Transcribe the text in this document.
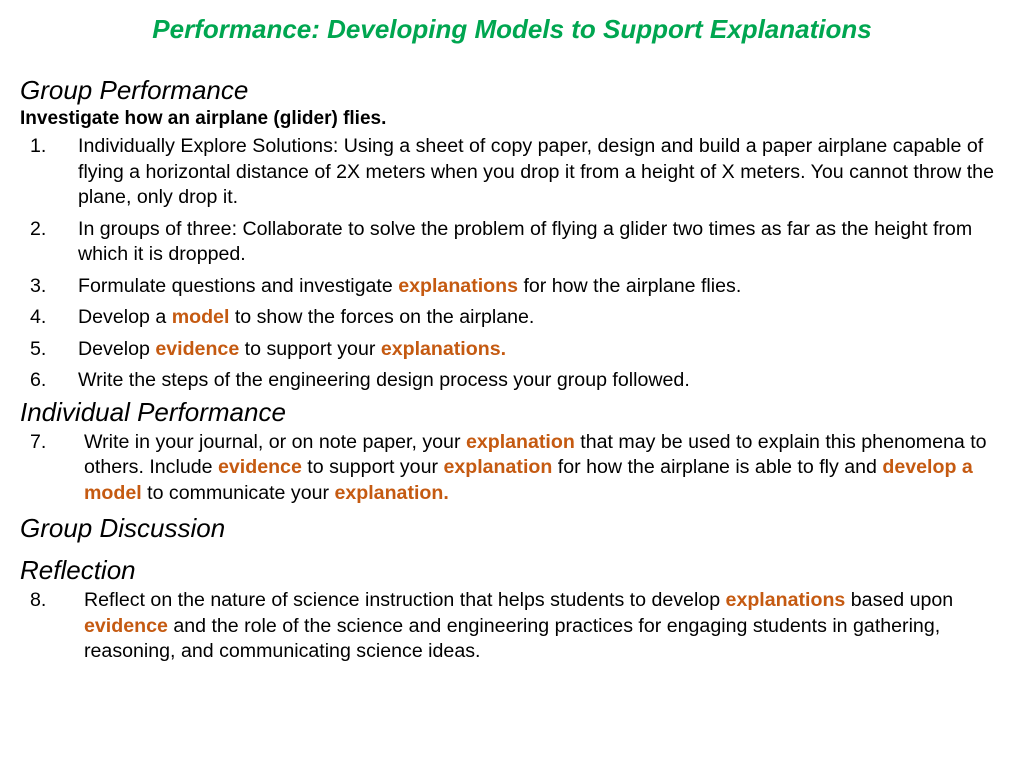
Performance: Developing Models to Support Explanations
Group Performance
Investigate how an airplane (glider) flies.
1. Individually Explore Solutions: Using a sheet of copy paper, design and build a paper airplane capable of flying a horizontal distance of 2X meters when you drop it from a height of X meters. You cannot throw the plane, only drop it.
2. In groups of three: Collaborate to solve the problem of flying a glider two times as far as the height from which it is dropped.
3. Formulate questions and investigate explanations for how the airplane flies.
4. Develop a model to show the forces on the airplane.
5. Develop evidence to support your explanations.
6. Write the steps of the engineering design process your group followed.
Individual Performance
7. Write in your journal, or on note paper, your explanation that may be used to explain this phenomena to others. Include evidence to support your explanation for how the airplane is able to fly and develop a model to communicate your explanation.
Group Discussion
Reflection
8. Reflect on the nature of science instruction that helps students to develop explanations based upon evidence and the role of the science and engineering practices for engaging students in gathering, reasoning, and communicating science ideas.
